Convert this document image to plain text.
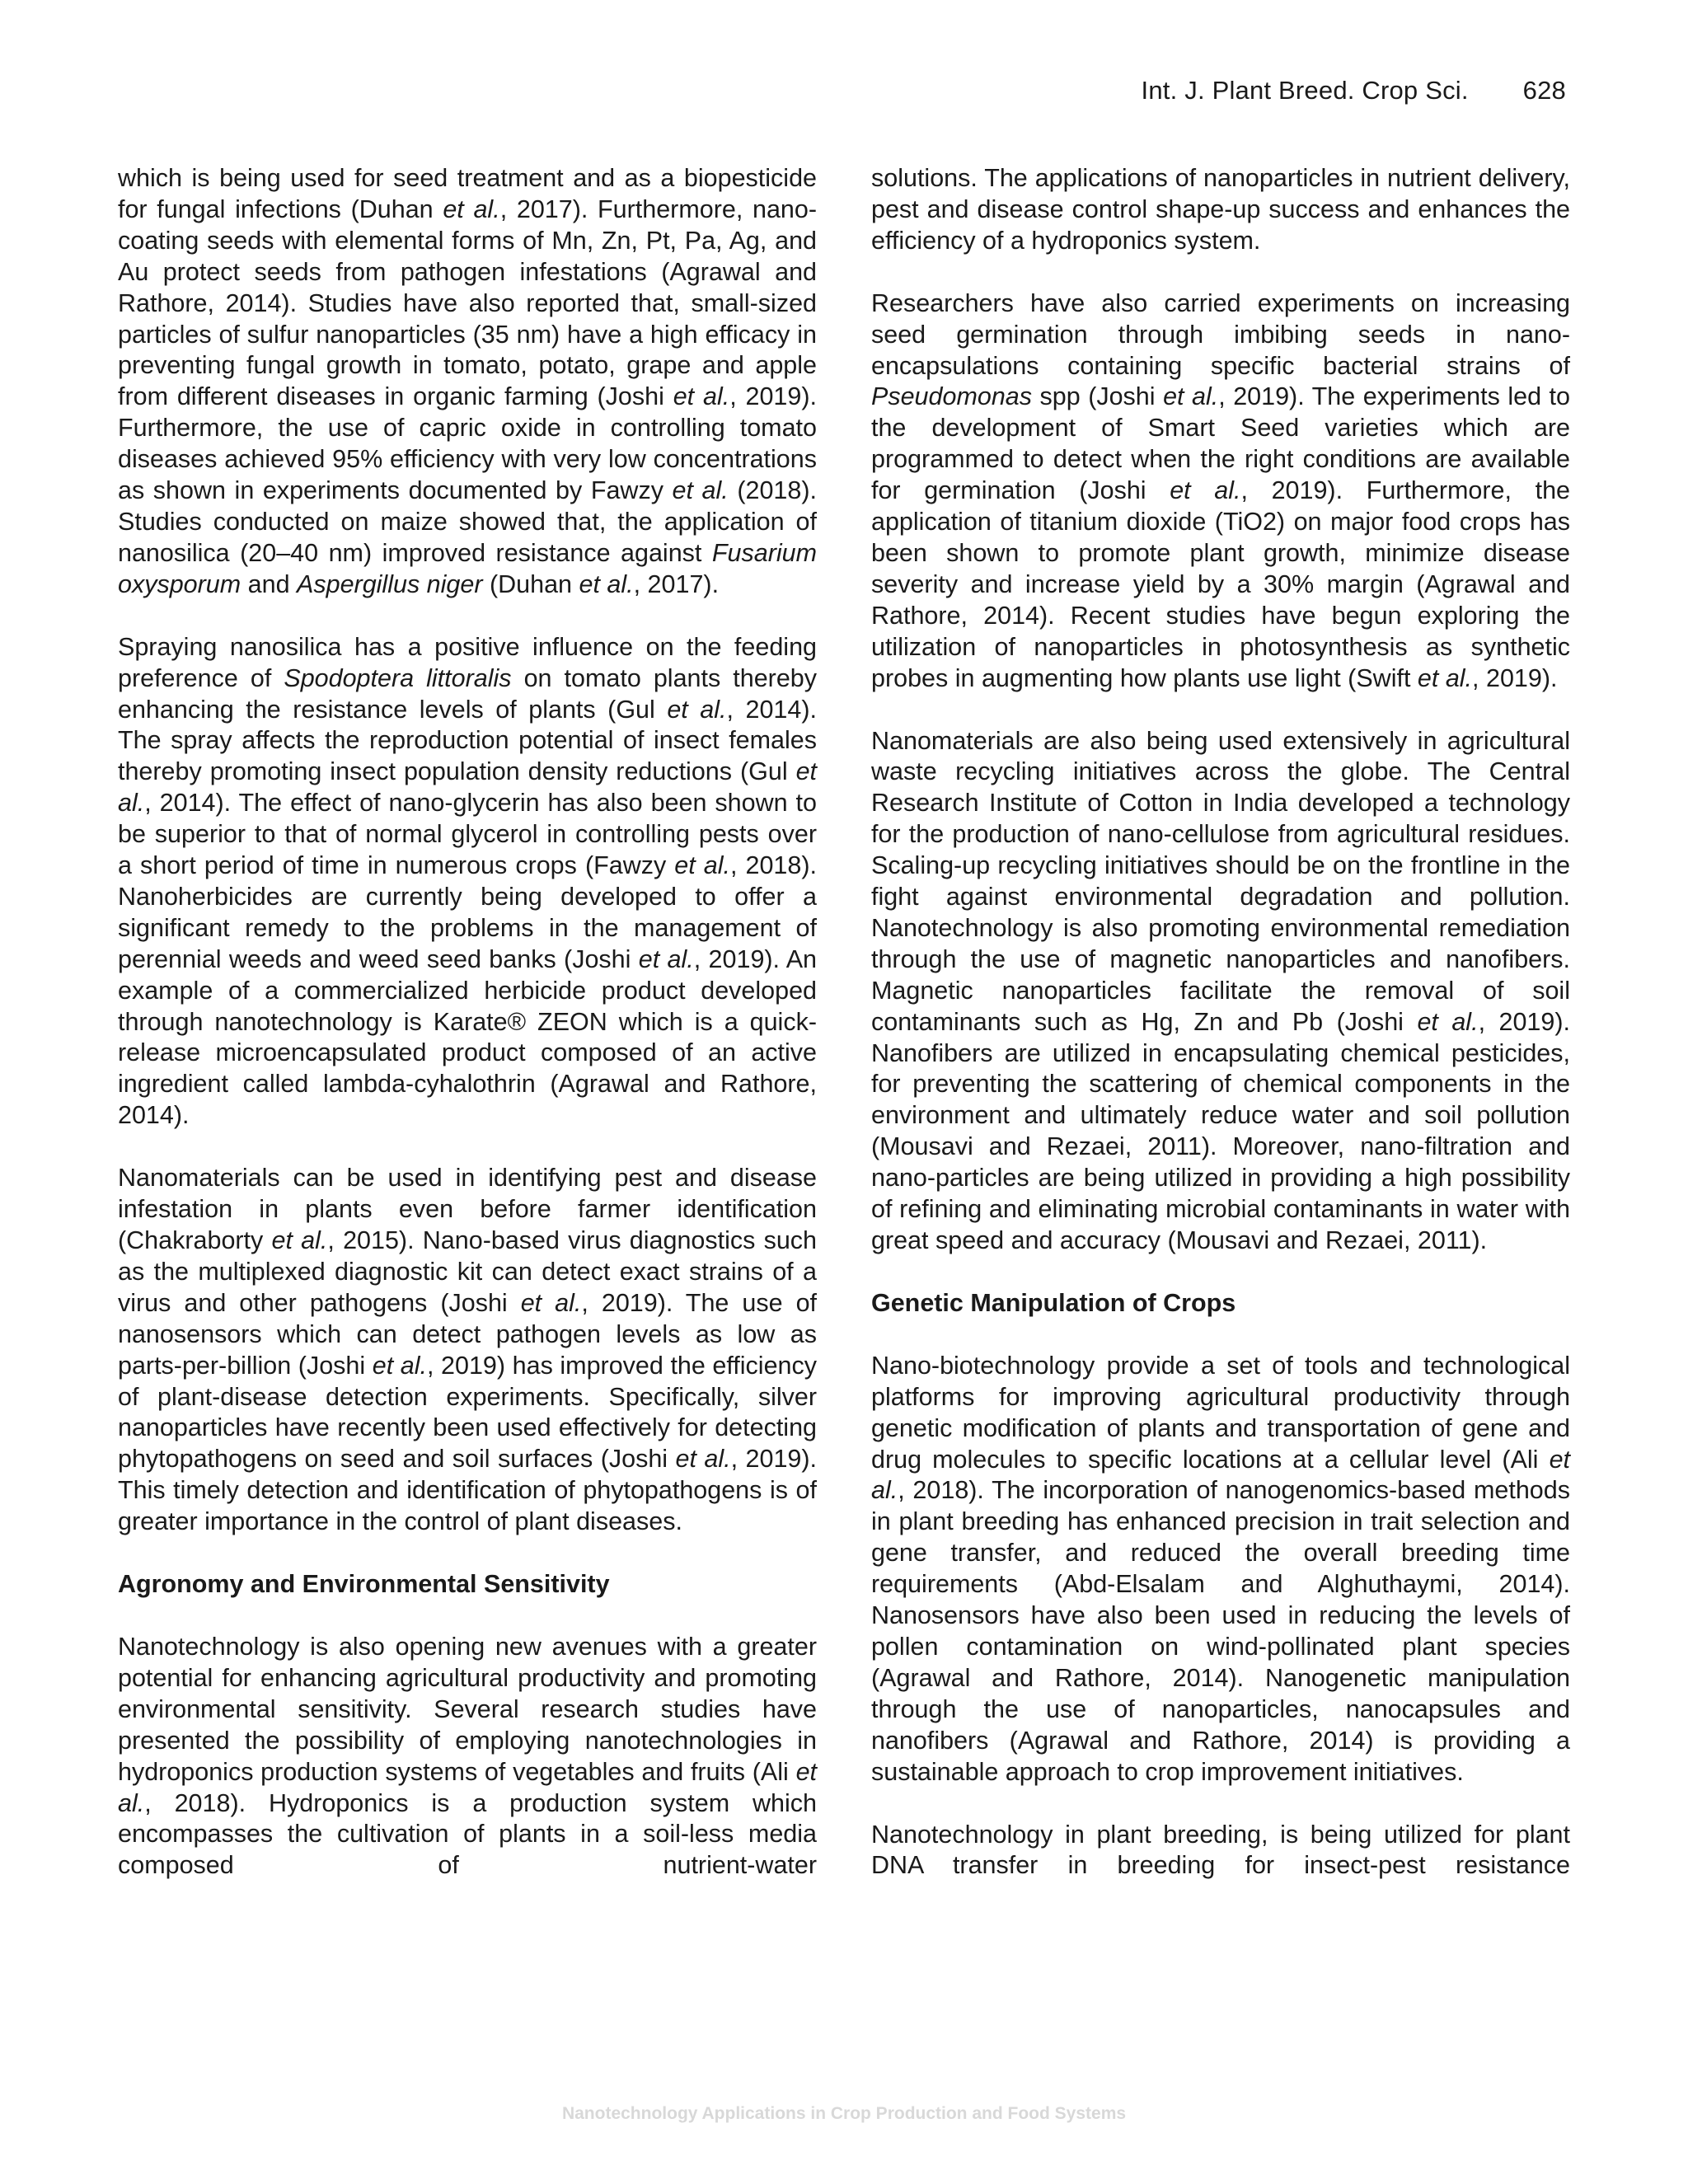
Int. J. Plant Breed. Crop Sci. 628

which is being used for seed treatment and as a biopesticide for fungal infections (Duhan et al., 2017). Furthermore, nano-coating seeds with elemental forms of Mn, Zn, Pt, Pa, Ag, and Au protect seeds from pathogen infestations (Agrawal and Rathore, 2014). Studies have also reported that, small-sized particles of sulfur nanoparticles (35 nm) have a high efficacy in preventing fungal growth in tomato, potato, grape and apple from different diseases in organic farming (Joshi et al., 2019). Furthermore, the use of capric oxide in controlling tomato diseases achieved 95% efficiency with very low concentrations as shown in experiments documented by Fawzy et al. (2018). Studies conducted on maize showed that, the application of nanosilica (20–40 nm) improved resistance against Fusarium oxysporum and Aspergillus niger (Duhan et al., 2017).

Spraying nanosilica has a positive influence on the feeding preference of Spodoptera littoralis on tomato plants thereby enhancing the resistance levels of plants (Gul et al., 2014). The spray affects the reproduction potential of insect females thereby promoting insect population density reductions (Gul et al., 2014). The effect of nano-glycerin has also been shown to be superior to that of normal glycerol in controlling pests over a short period of time in numerous crops (Fawzy et al., 2018). Nanoherbicides are currently being developed to offer a significant remedy to the problems in the management of perennial weeds and weed seed banks (Joshi et al., 2019). An example of a commercialized herbicide product developed through nanotechnology is Karate® ZEON which is a quick-release microencapsulated product composed of an active ingredient called lambda-cyhalothrin (Agrawal and Rathore, 2014).

Nanomaterials can be used in identifying pest and disease infestation in plants even before farmer identification (Chakraborty et al., 2015). Nano-based virus diagnostics such as the multiplexed diagnostic kit can detect exact strains of a virus and other pathogens (Joshi et al., 2019). The use of nanosensors which can detect pathogen levels as low as parts-per-billion (Joshi et al., 2019) has improved the efficiency of plant-disease detection experiments. Specifically, silver nanoparticles have recently been used effectively for detecting phytopathogens on seed and soil surfaces (Joshi et al., 2019). This timely detection and identification of phytopathogens is of greater importance in the control of plant diseases.

Agronomy and Environmental Sensitivity

Nanotechnology is also opening new avenues with a greater potential for enhancing agricultural productivity and promoting environmental sensitivity. Several research studies have presented the possibility of employing nanotechnologies in hydroponics production systems of vegetables and fruits (Ali et al., 2018). Hydroponics is a production system which encompasses the cultivation of plants in a soil-less media composed of nutrient-water

solutions. The applications of nanoparticles in nutrient delivery, pest and disease control shape-up success and enhances the efficiency of a hydroponics system.

Researchers have also carried experiments on increasing seed germination through imbibing seeds in nano-encapsulations containing specific bacterial strains of Pseudomonas spp (Joshi et al., 2019). The experiments led to the development of Smart Seed varieties which are programmed to detect when the right conditions are available for germination (Joshi et al., 2019). Furthermore, the application of titanium dioxide (TiO2) on major food crops has been shown to promote plant growth, minimize disease severity and increase yield by a 30% margin (Agrawal and Rathore, 2014). Recent studies have begun exploring the utilization of nanoparticles in photosynthesis as synthetic probes in augmenting how plants use light (Swift et al., 2019).

Nanomaterials are also being used extensively in agricultural waste recycling initiatives across the globe. The Central Research Institute of Cotton in India developed a technology for the production of nano-cellulose from agricultural residues. Scaling-up recycling initiatives should be on the frontline in the fight against environmental degradation and pollution. Nanotechnology is also promoting environmental remediation through the use of magnetic nanoparticles and nanofibers. Magnetic nanoparticles facilitate the removal of soil contaminants such as Hg, Zn and Pb (Joshi et al., 2019). Nanofibers are utilized in encapsulating chemical pesticides, for preventing the scattering of chemical components in the environment and ultimately reduce water and soil pollution (Mousavi and Rezaei, 2011). Moreover, nano-filtration and nano-particles are being utilized in providing a high possibility of refining and eliminating microbial contaminants in water with great speed and accuracy (Mousavi and Rezaei, 2011).

Genetic Manipulation of Crops

Nano-biotechnology provide a set of tools and technological platforms for improving agricultural productivity through genetic modification of plants and transportation of gene and drug molecules to specific locations at a cellular level (Ali et al., 2018). The incorporation of nanogenomics-based methods in plant breeding has enhanced precision in trait selection and gene transfer, and reduced the overall breeding time requirements (Abd-Elsalam and Alghuthaymi, 2014). Nanosensors have also been used in reducing the levels of pollen contamination on wind-pollinated plant species (Agrawal and Rathore, 2014). Nanogenetic manipulation through the use of nanoparticles, nanocapsules and nanofibers (Agrawal and Rathore, 2014) is providing a sustainable approach to crop improvement initiatives.

Nanotechnology in plant breeding, is being utilized for plant DNA transfer in breeding for insect-pest resistance

Nanotechnology Applications in Crop Production and Food Systems
